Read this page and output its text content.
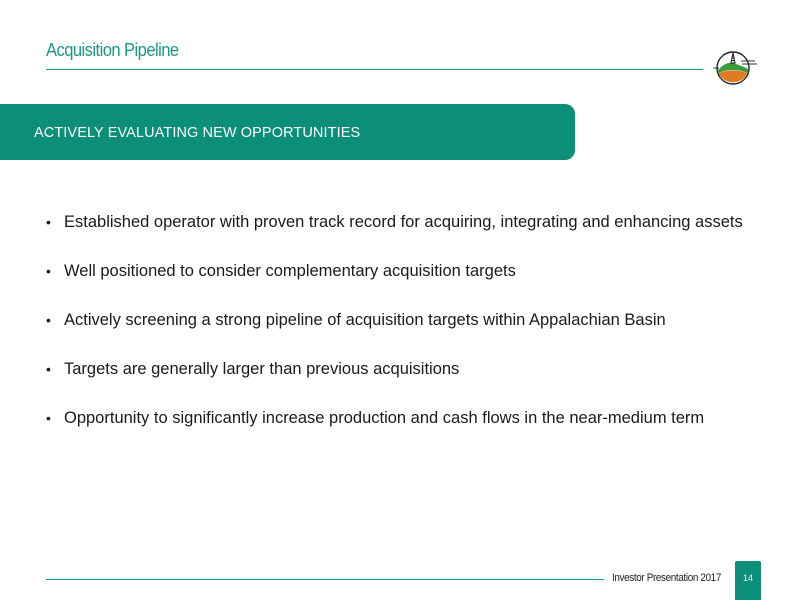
Acquisition Pipeline
ACTIVELY EVALUATING NEW OPPORTUNITIES
• Established operator with proven track record for acquiring, integrating and enhancing assets
• Well positioned to consider complementary acquisition targets
• Actively screening a strong pipeline of acquisition targets within Appalachian Basin
• Targets are generally larger than previous acquisitions
• Opportunity to significantly increase production and cash flows in the near-medium term
Investor Presentation 2017	14
